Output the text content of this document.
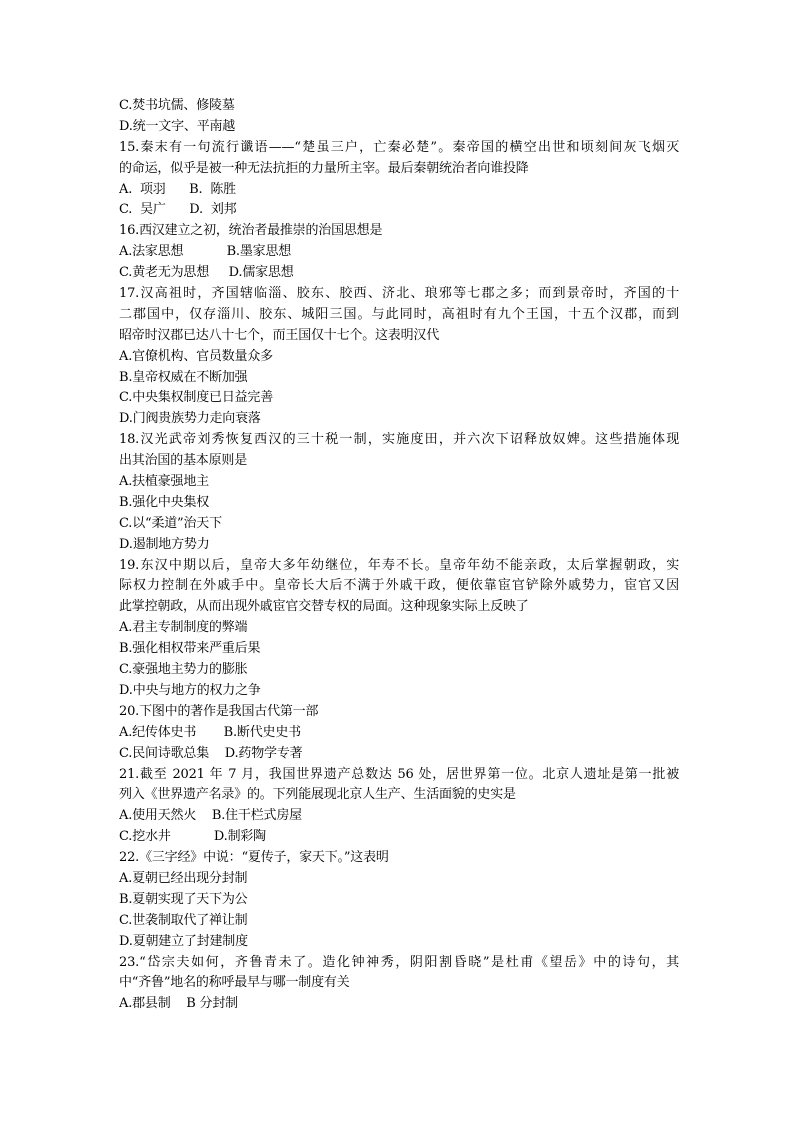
C.焚书坑儒、修陵墓
D.统一文字、平南越
15.秦末有一句流行谶语——“楚虽三户，亡秦必楚”。秦帝国的横空出世和顷刻间灰飞烟灭
的命运，似乎是被一种无法抗拒的力量所主宰。最后秦朝统治者向谁投降
A.  项羽      B.  陈胜
C.  吴广      D.  刘邦
16.西汉建立之初，统治者最推崇的治国思想是
A.法家思想           B.墨家思想
C.黄老无为思想     D.儒家思想
17.汉高祖时，齐国辖临淄、胶东、胶西、济北、琅邪等七郡之多；而到景帝时，齐国的十
二郡国中，仅存淄川、胶东、城阳三国。与此同时，高祖时有九个王国，十五个汉郡，而到
昭帝时汉郡已达八十七个，而王国仅十七个。这表明汉代
A.官僚机构、官员数量众多
B.皇帝权威在不断加强
C.中央集权制度已日益完善
D.门阀贵族势力走向衰落
18.汉光武帝刘秀恢复西汉的三十税一制，实施度田，并六次下诏释放奴婢。这些措施体现
出其治国的基本原则是
A.扶植豪强地主
B.强化中央集权
C.以“柔道”治天下
D.遏制地方势力
19.东汉中期以后，皇帝大多年幼继位，年寿不长。皇帝年幼不能亲政，太后掌握朝政，实
际权力控制在外戚手中。皇帝长大后不满于外戚干政，便依靠宦官铲除外戚势力，宦官又因
此掌控朝政，从而出现外戚宦官交替专权的局面。这种现象实际上反映了
A.君主专制制度的弊端
B.强化相权带来严重后果
C.豪强地主势力的膨胀
D.中央与地方的权力之争
20.下图中的著作是我国古代第一部
A.纪传体史书       B.断代史史书
C.民间诗歌总集    D.药物学专著
21.截至 2021 年 7 月，我国世界遗产总数达 56 处，居世界第一位。北京人遗址是第一批被
列入《世界遗产名录》的。下列能展现北京人生产、生活面貌的史实是
A.使用天然火    B.住干栏式房屋
C.挖水井           D.制彩陶
22.《三字经》中说：“夏传子，家天下。”这表明
A.夏朝已经出现分封制
B.夏朝实现了天下为公
C.世袭制取代了禅让制
D.夏朝建立了封建制度
23.“岱宗夫如何，齐鲁青未了。造化钟神秀，阴阳割昏晓”是杜甫《望岳》中的诗句，其
中“齐鲁”地名的称呼最早与哪一制度有关
A.郡县制    B 分封制
